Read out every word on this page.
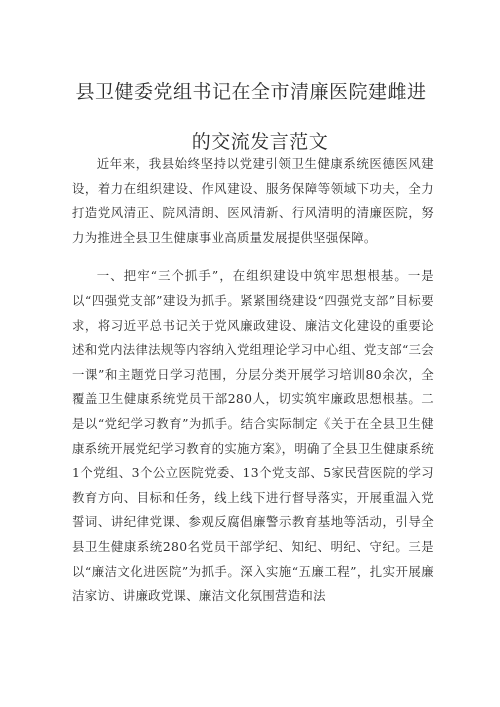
县卫健委党组书记在全市清廉医院建雌进
的交流发言范文

近年来，我县始终坚持以党建引领卫生健康系统医德医风建设，着力在组织建设、作风建设、服务保障等领域下功夫，全力打造党风清正、院风清朗、医风清新、行风清明的清廉医院，努力为推进全县卫生健康事业高质量发展提供坚强保障。

一、把牢“三个抓手”，在组织建设中筑牢思想根基。一是以“四强党支部”建设为抓手。紧紧围绕建设“四强党支部”目标要求，将习近平总书记关于党风廉政建设、廉洁文化建设的重要论述和党内法律法规等内容纳入党组理论学习中心组、党支部“三会一课”和主题党日学习范围，分层分类开展学习培训80余次，全覆盖卫生健康系统党员干部280人，切实筑牢廉政思想根基。二是以“党纪学习教育”为抓手。结合实际制定《关于在全县卫生健康系统开展党纪学习教育的实施方案》，明确了全县卫生健康系统1个党组、3个公立医院党委、13个党支部、5家民营医院的学习教育方向、目标和任务，线上线下进行督导落实，开展重温入党誓词、讲纪律党课、参观反腐倡廉警示教育基地等活动，引导全县卫生健康系统280名党员干部学纪、知纪、明纪、守纪。三是以“廉洁文化进医院”为抓手。深入实施“五廉工程”，扎实开展廉洁家访、讲廉政党课、廉洁文化氛围营造和法
